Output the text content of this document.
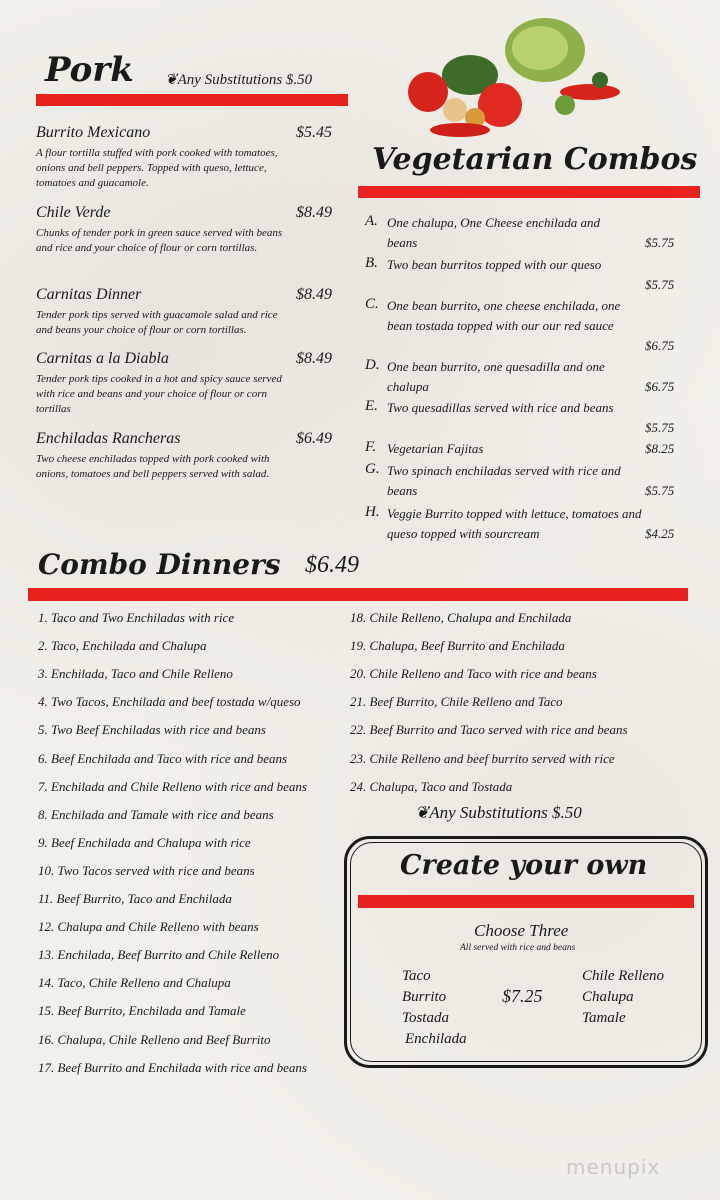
Pork ❦Any Substitutions $.50
Burrito Mexicano	$5.45
A flour tortilla stuffed with pork cooked with tomatoes, onions and bell peppers. Topped with queso, lettuce, tomatoes and guacamole.
Chile Verde	$8.49
Chunks of tender pork in green sauce served with beans and rice and your choice of flour or corn tortillas.
Carnitas Dinner	$8.49
Tender pork tips served with guacamole salad and rice and beans your choice of flour or corn tortillas.
Carnitas a la Diabla	$8.49
Tender pork tips cooked in a hot and spicy sauce served with rice and beans and your choice of flour or corn tortillas
Enchiladas Rancheras	$6.49
Two cheese enchiladas topped with pork cooked with onions, tomatoes and bell peppers served with salad.
Vegetarian Combos
A. One chalupa, One Cheese enchilada and beans	$5.75
B. Two bean burritos topped with our queso
$5.75
C. One bean burrito, one cheese enchilada, one bean tostada topped with our our red sauce
$6.75
D. One bean burrito, one quesadilla and one chalupa	$6.75
E. Two quesadillas served with rice and beans
$5.75
F. Vegetarian Fajitas	$8.25
G. Two spinach enchiladas served with rice and beans	$5.75
H. Veggie Burrito topped with lettuce, tomatoes and queso topped with sourcream	$4.25
Combo Dinners $6.49
1. Taco and Two Enchiladas with rice
2. Taco, Enchilada and Chalupa
3. Enchilada, Taco and Chile Relleno
4. Two Tacos, Enchilada and beef tostada w/queso
5. Two Beef Enchiladas with rice and beans
6. Beef Enchilada and Taco with rice and beans
7. Enchilada and Chile Relleno with rice and beans
8. Enchilada and Tamale with rice and beans
9. Beef Enchilada and Chalupa with rice
10. Two Tacos served with rice and beans
11. Beef Burrito, Taco and Enchilada
12. Chalupa and Chile Relleno with beans
13. Enchilada, Beef Burrito and Chile Relleno
14. Taco, Chile Relleno and Chalupa
15. Beef Burrito, Enchilada and Tamale
16. Chalupa, Chile Relleno and Beef Burrito
17. Beef Burrito and Enchilada with rice and beans
18. Chile Relleno, Chalupa and Enchilada
19. Chalupa, Beef Burrito and Enchilada
20. Chile Relleno and Taco with rice and beans
21. Beef Burrito, Chile Relleno and Taco
22. Beef Burrito and Taco served with rice and beans
23. Chile Relleno and beef burrito served with rice
24. Chalupa, Taco and Tostada
❦Any Substitutions $.50
Create your own
Choose Three
All served with rice and beans
$7.25
Taco
Burrito
Tostada
Enchilada
Chile Relleno
Chalupa
Tamale
menupix
